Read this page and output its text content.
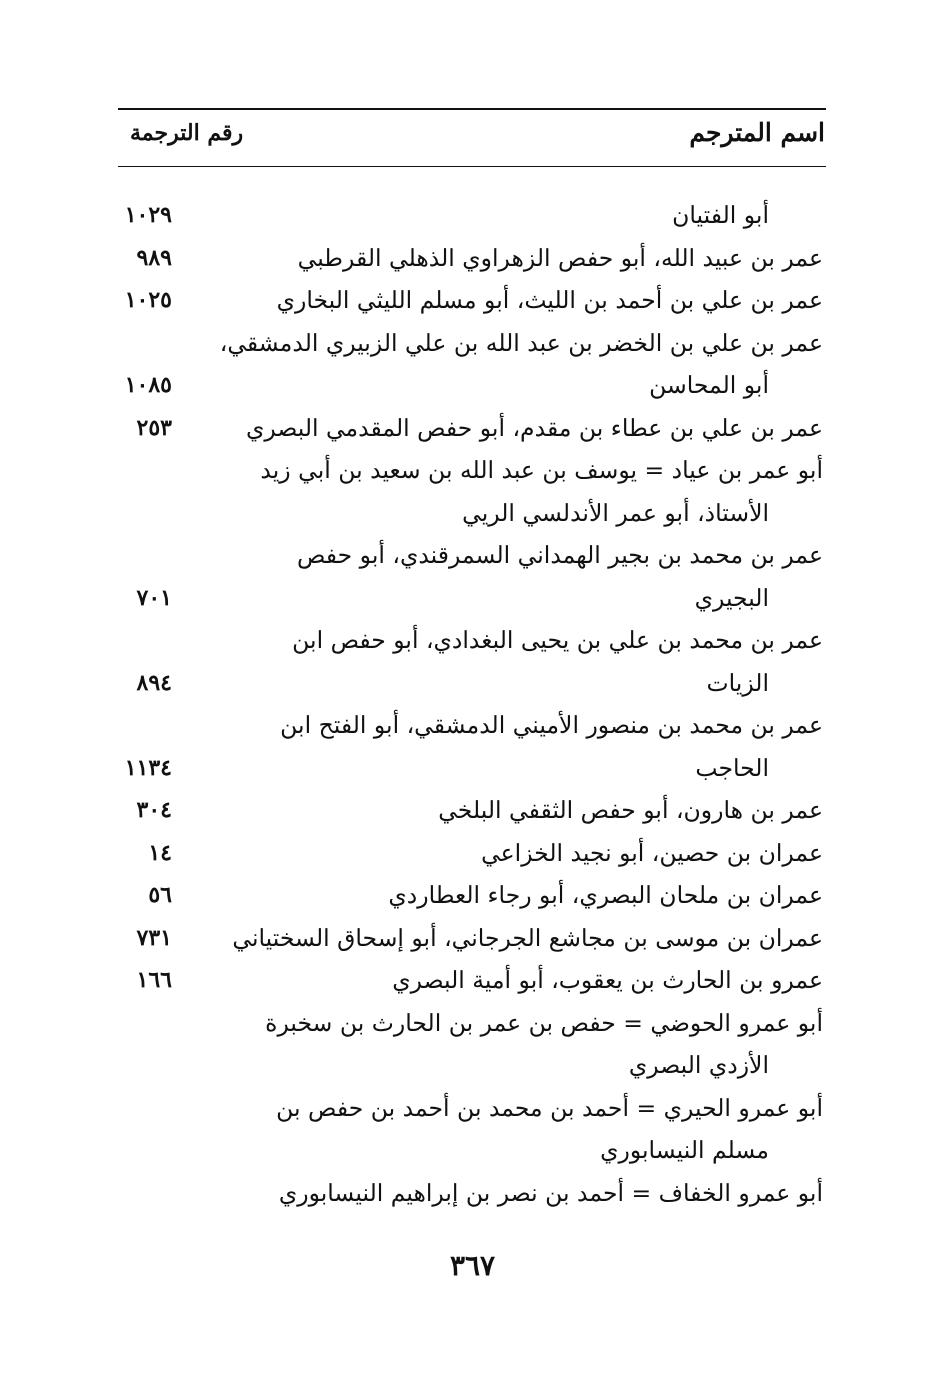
اسم المترجم
رقم الترجمة
أبو الفتيان
١٠٢٩
عمر بن عبيد الله، أبو حفص الزهراوي الذهلي القرطبي
٩٨٩
عمر بن علي بن أحمد بن الليث، أبو مسلم الليثي البخاري
١٠٢٥
عمر بن علي بن الخضر بن عبد الله بن علي الزبيري الدمشقي،
أبو المحاسن
١٠٨٥
عمر بن علي بن عطاء بن مقدم، أبو حفص المقدمي البصري
٢٥٣
أبو عمر بن عياد = يوسف بن عبد الله بن سعيد بن أبي زيد
الأستاذ، أبو عمر الأندلسي الريي
عمر بن محمد بن بجير الهمداني السمرقندي، أبو حفص
البجيري
٧٠١
عمر بن محمد بن علي بن يحيى البغدادي، أبو حفص ابن
الزيات
٨٩٤
عمر بن محمد بن منصور الأميني الدمشقي، أبو الفتح ابن
الحاجب
١١٣٤
عمر بن هارون، أبو حفص الثقفي البلخي
٣٠٤
عمران بن حصين، أبو نجيد الخزاعي
١٤
عمران بن ملحان البصري، أبو رجاء العطاردي
٥٦
عمران بن موسى بن مجاشع الجرجاني، أبو إسحاق السختياني
٧٣١
عمرو بن الحارث بن يعقوب، أبو أمية البصري
١٦٦
أبو عمرو الحوضي = حفص بن عمر بن الحارث بن سخبرة
الأزدي البصري
أبو عمرو الحيري = أحمد بن محمد بن أحمد بن حفص بن
مسلم النيسابوري
أبو عمرو الخفاف = أحمد بن نصر بن إبراهيم النيسابوري
٣٦٧
